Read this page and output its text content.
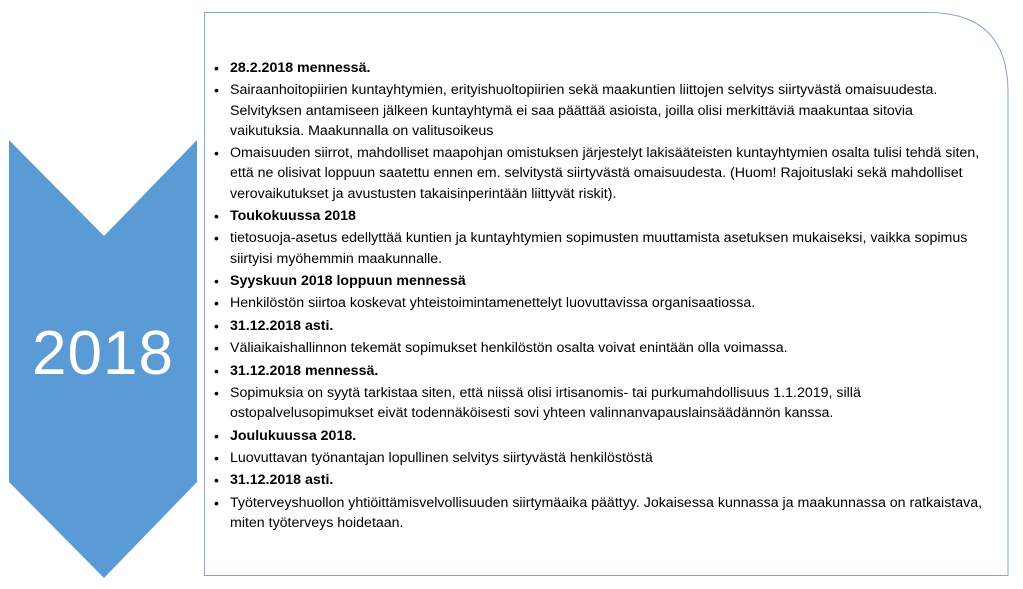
2018
• 28.2.2018 mennessä.
• Sairaanhoitopiirien kuntayhtymien, erityishuoltopiirien sekä maakuntien liittojen selvitys siirtyvästä omaisuudesta. Selvityksen antamiseen jälkeen kuntayhtymä ei saa päättää asioista, joilla olisi merkittäviä maakuntaa sitovia vaikutuksia. Maakunnalla on valitusoikeus
• Omaisuuden siirrot, mahdolliset maapohjan omistuksen järjestelyt lakisääteisten kuntayhtymien osalta tulisi tehdä siten, että ne olisivat loppuun saatettu ennen em. selvitystä siirtyvästä omaisuudesta. (Huom! Rajoituslaki sekä mahdolliset verovaikutukset ja avustusten takaisinperintään liittyvät riskit).
• Toukokuussa 2018
• tietosuoja-asetus edellyttää kuntien ja kuntayhtymien sopimusten muuttamista asetuksen mukaiseksi, vaikka sopimus siirtyisi myöhemmin maakunnalle.
• Syyskuun 2018 loppuun mennessä
• Henkilöstön siirtoa koskevat yhteistoimintamenettelyt luovuttavissa organisaatiossa.
• 31.12.2018 asti.
• Väliaikaishallinnon tekemät sopimukset henkilöstön osalta voivat enintään olla voimassa.
• 31.12.2018 mennessä.
• Sopimuksia on syytä tarkistaa siten, että niissä olisi irtisanomis- tai purkumahdollisuus 1.1.2019, sillä ostopalvelusopimukset eivät todennäköisesti sovi yhteen valinnanvapauslainsäädännön kanssa.
• Joulukuussa 2018.
• Luovuttavan työnantajan lopullinen selvitys siirtyvästä henkilöstöstä
• 31.12.2018 asti.
• Työterveyshuollon yhtiöittämisvelvollisuuden siirtymäaika päättyy. Jokaisessa kunnassa ja maakunnassa on ratkaistava, miten työterveys hoidetaan.
